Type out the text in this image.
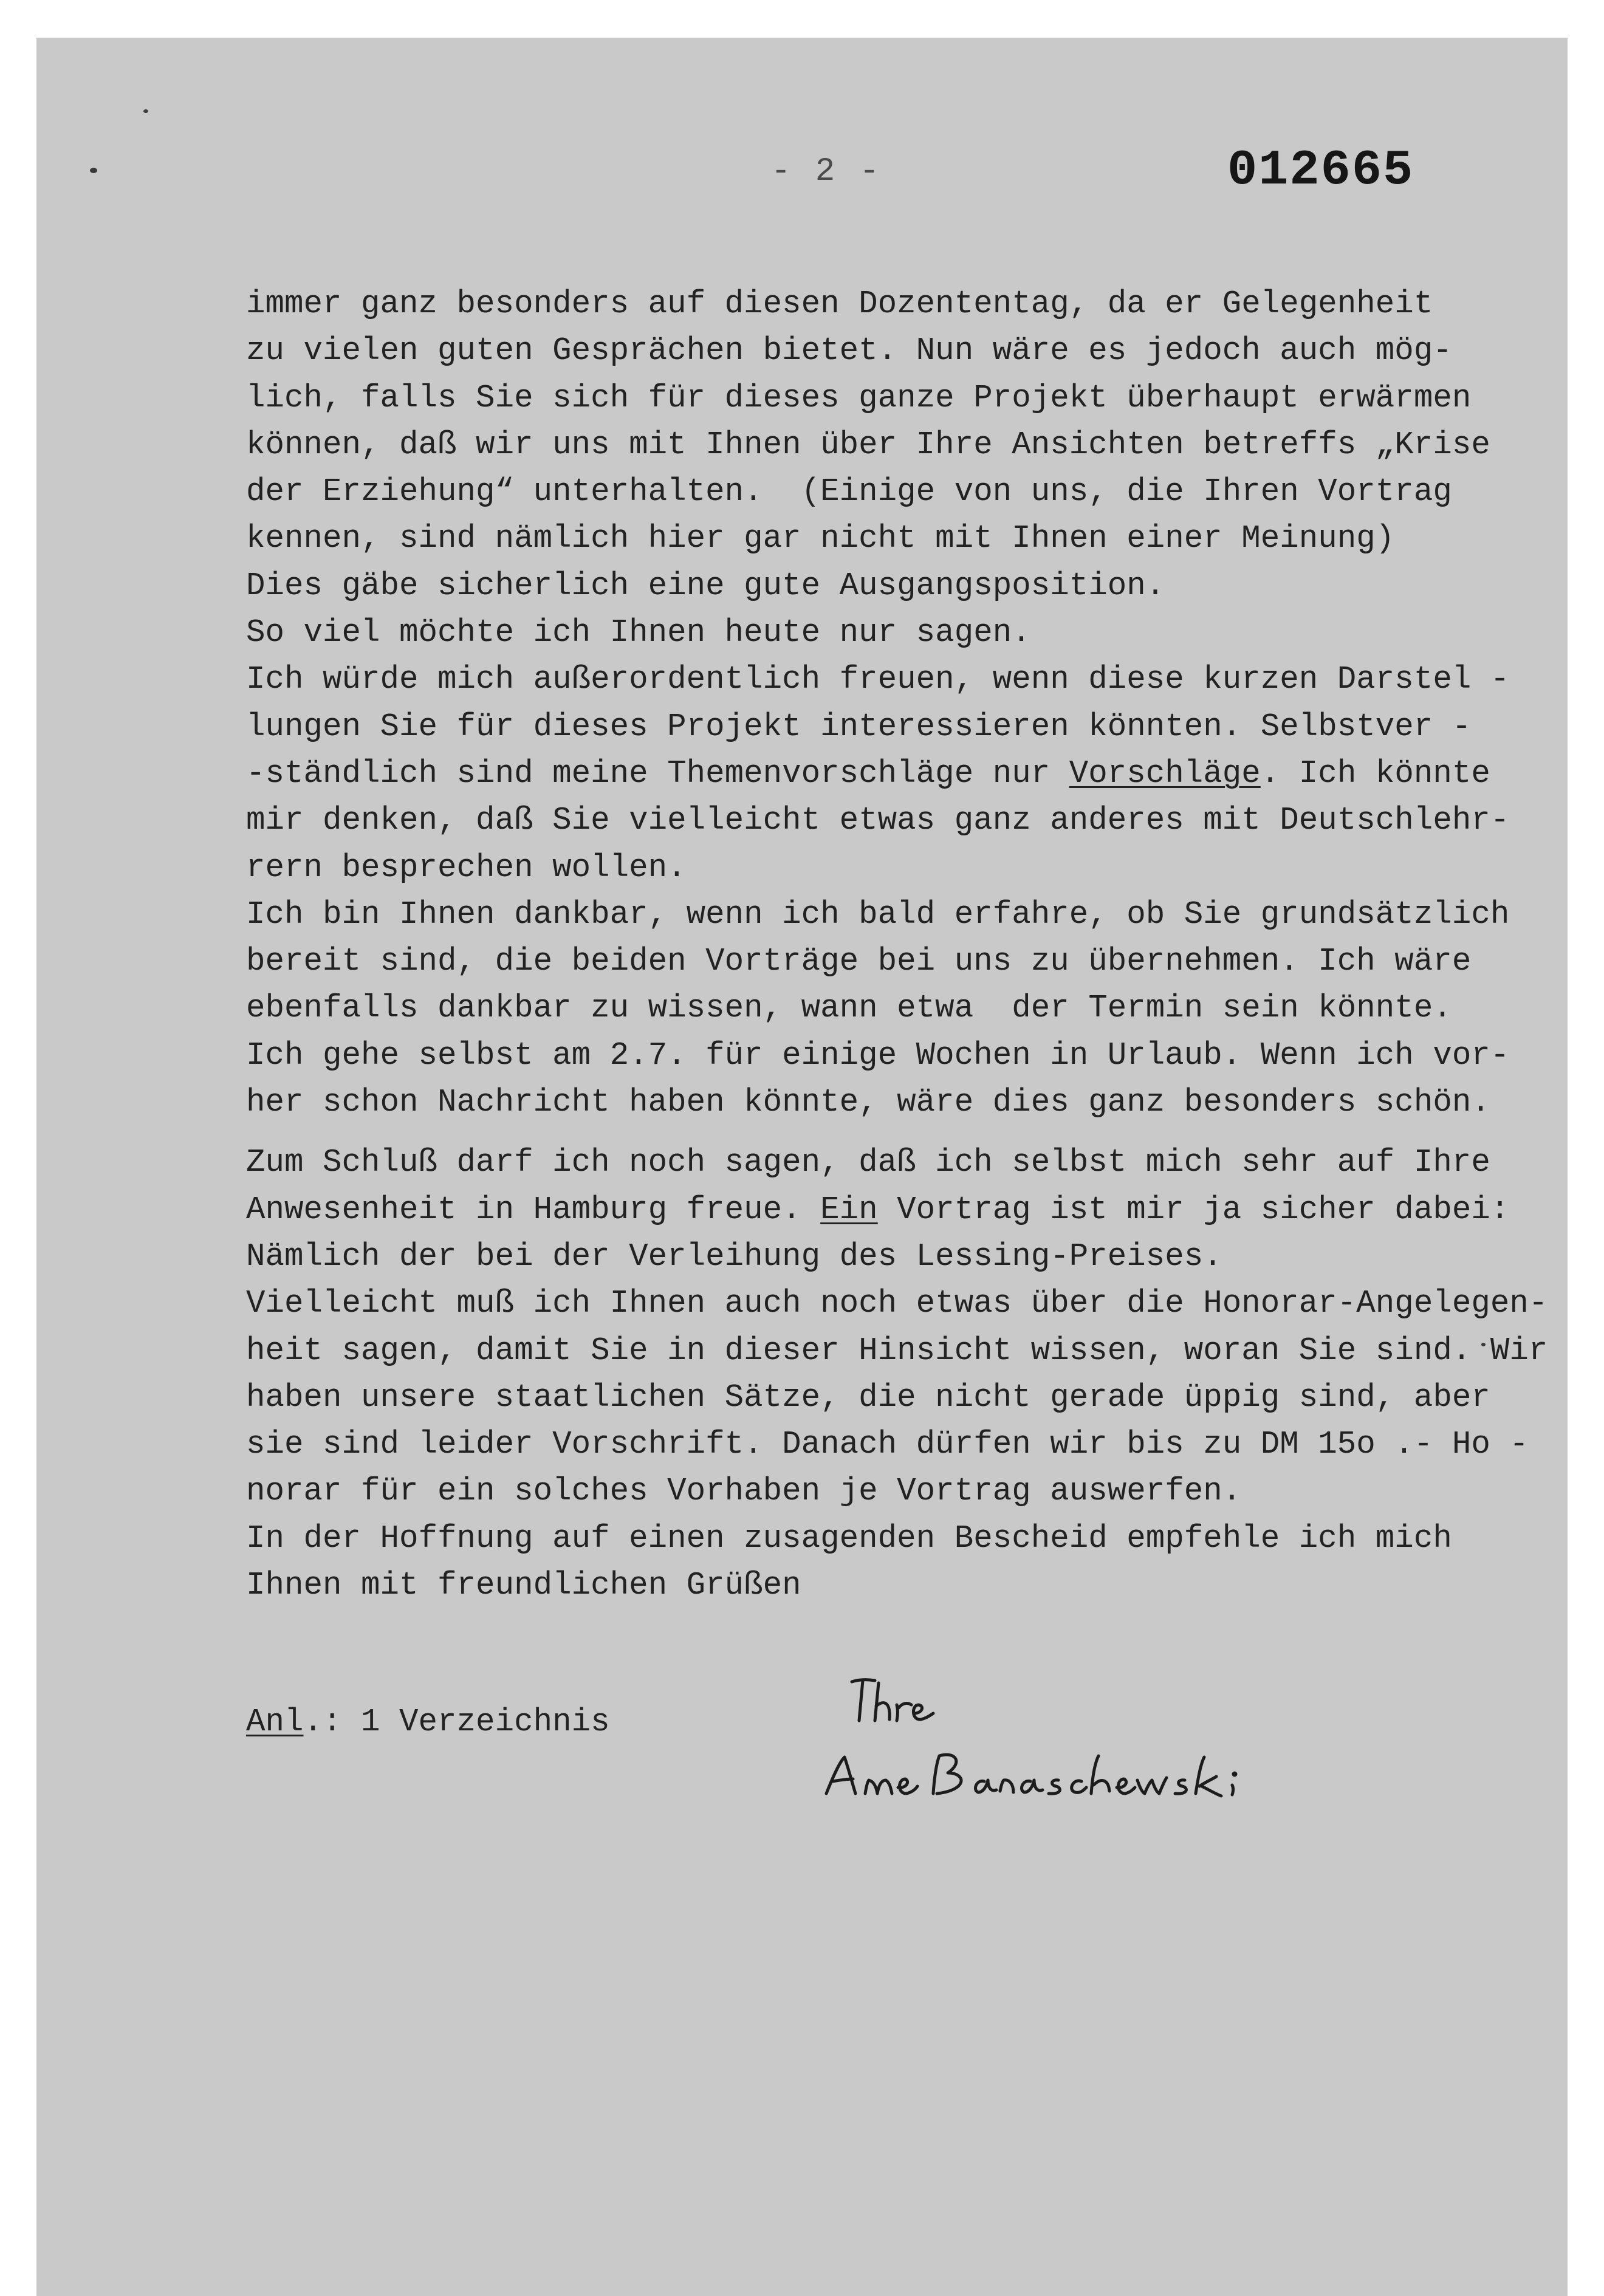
- 2 -	012665
immer ganz besonders auf diesen Dozententag, da er Gelegenheit
zu vielen guten Gesprächen bietet. Nun wäre es jedoch auch mög-
lich, falls Sie sich für dieses ganze Projekt überhaupt erwärmen
können, daß wir uns mit Ihnen über Ihre Ansichten betreffs „Krise
der Erziehung“ unterhalten.  (Einige von uns, die Ihren Vortrag
kennen, sind nämlich hier gar nicht mit Ihnen einer Meinung)
Dies gäbe sicherlich eine gute Ausgangsposition.
So viel möchte ich Ihnen heute nur sagen.
Ich würde mich außerordentlich freuen, wenn diese kurzen Darstel -
lungen Sie für dieses Projekt interessieren könnten. Selbstver -
-ständlich sind meine Themenvorschläge nur Vorschläge. Ich könnte
mir denken, daß Sie vielleicht etwas ganz anderes mit Deutschlehr-
rern besprechen wollen.
Ich bin Ihnen dankbar, wenn ich bald erfahre, ob Sie grundsätzlich
bereit sind, die beiden Vorträge bei uns zu übernehmen. Ich wäre
ebenfalls dankbar zu wissen, wann etwa  der Termin sein könnte.
Ich gehe selbst am 2.7. für einige Wochen in Urlaub. Wenn ich vor-
her schon Nachricht haben könnte, wäre dies ganz besonders schön.
Zum Schluß darf ich noch sagen, daß ich selbst mich sehr auf Ihre
Anwesenheit in Hamburg freue. Ein Vortrag ist mir ja sicher dabei:
Nämlich der bei der Verleihung des Lessing-Preises.
Vielleicht muß ich Ihnen auch noch etwas über die Honorar-Angelegen-
heit sagen, damit Sie in dieser Hinsicht wissen, woran Sie sind. Wir
haben unsere staatlichen Sätze, die nicht gerade üppig sind, aber
sie sind leider Vorschrift. Danach dürfen wir bis zu DM 15o .- Ho -
norar für ein solches Vorhaben je Vortrag auswerfen.
In der Hoffnung auf einen zusagenden Bescheid empfehle ich mich
Ihnen mit freundlichen Grüßen
Anl.: 1 Verzeichnis
